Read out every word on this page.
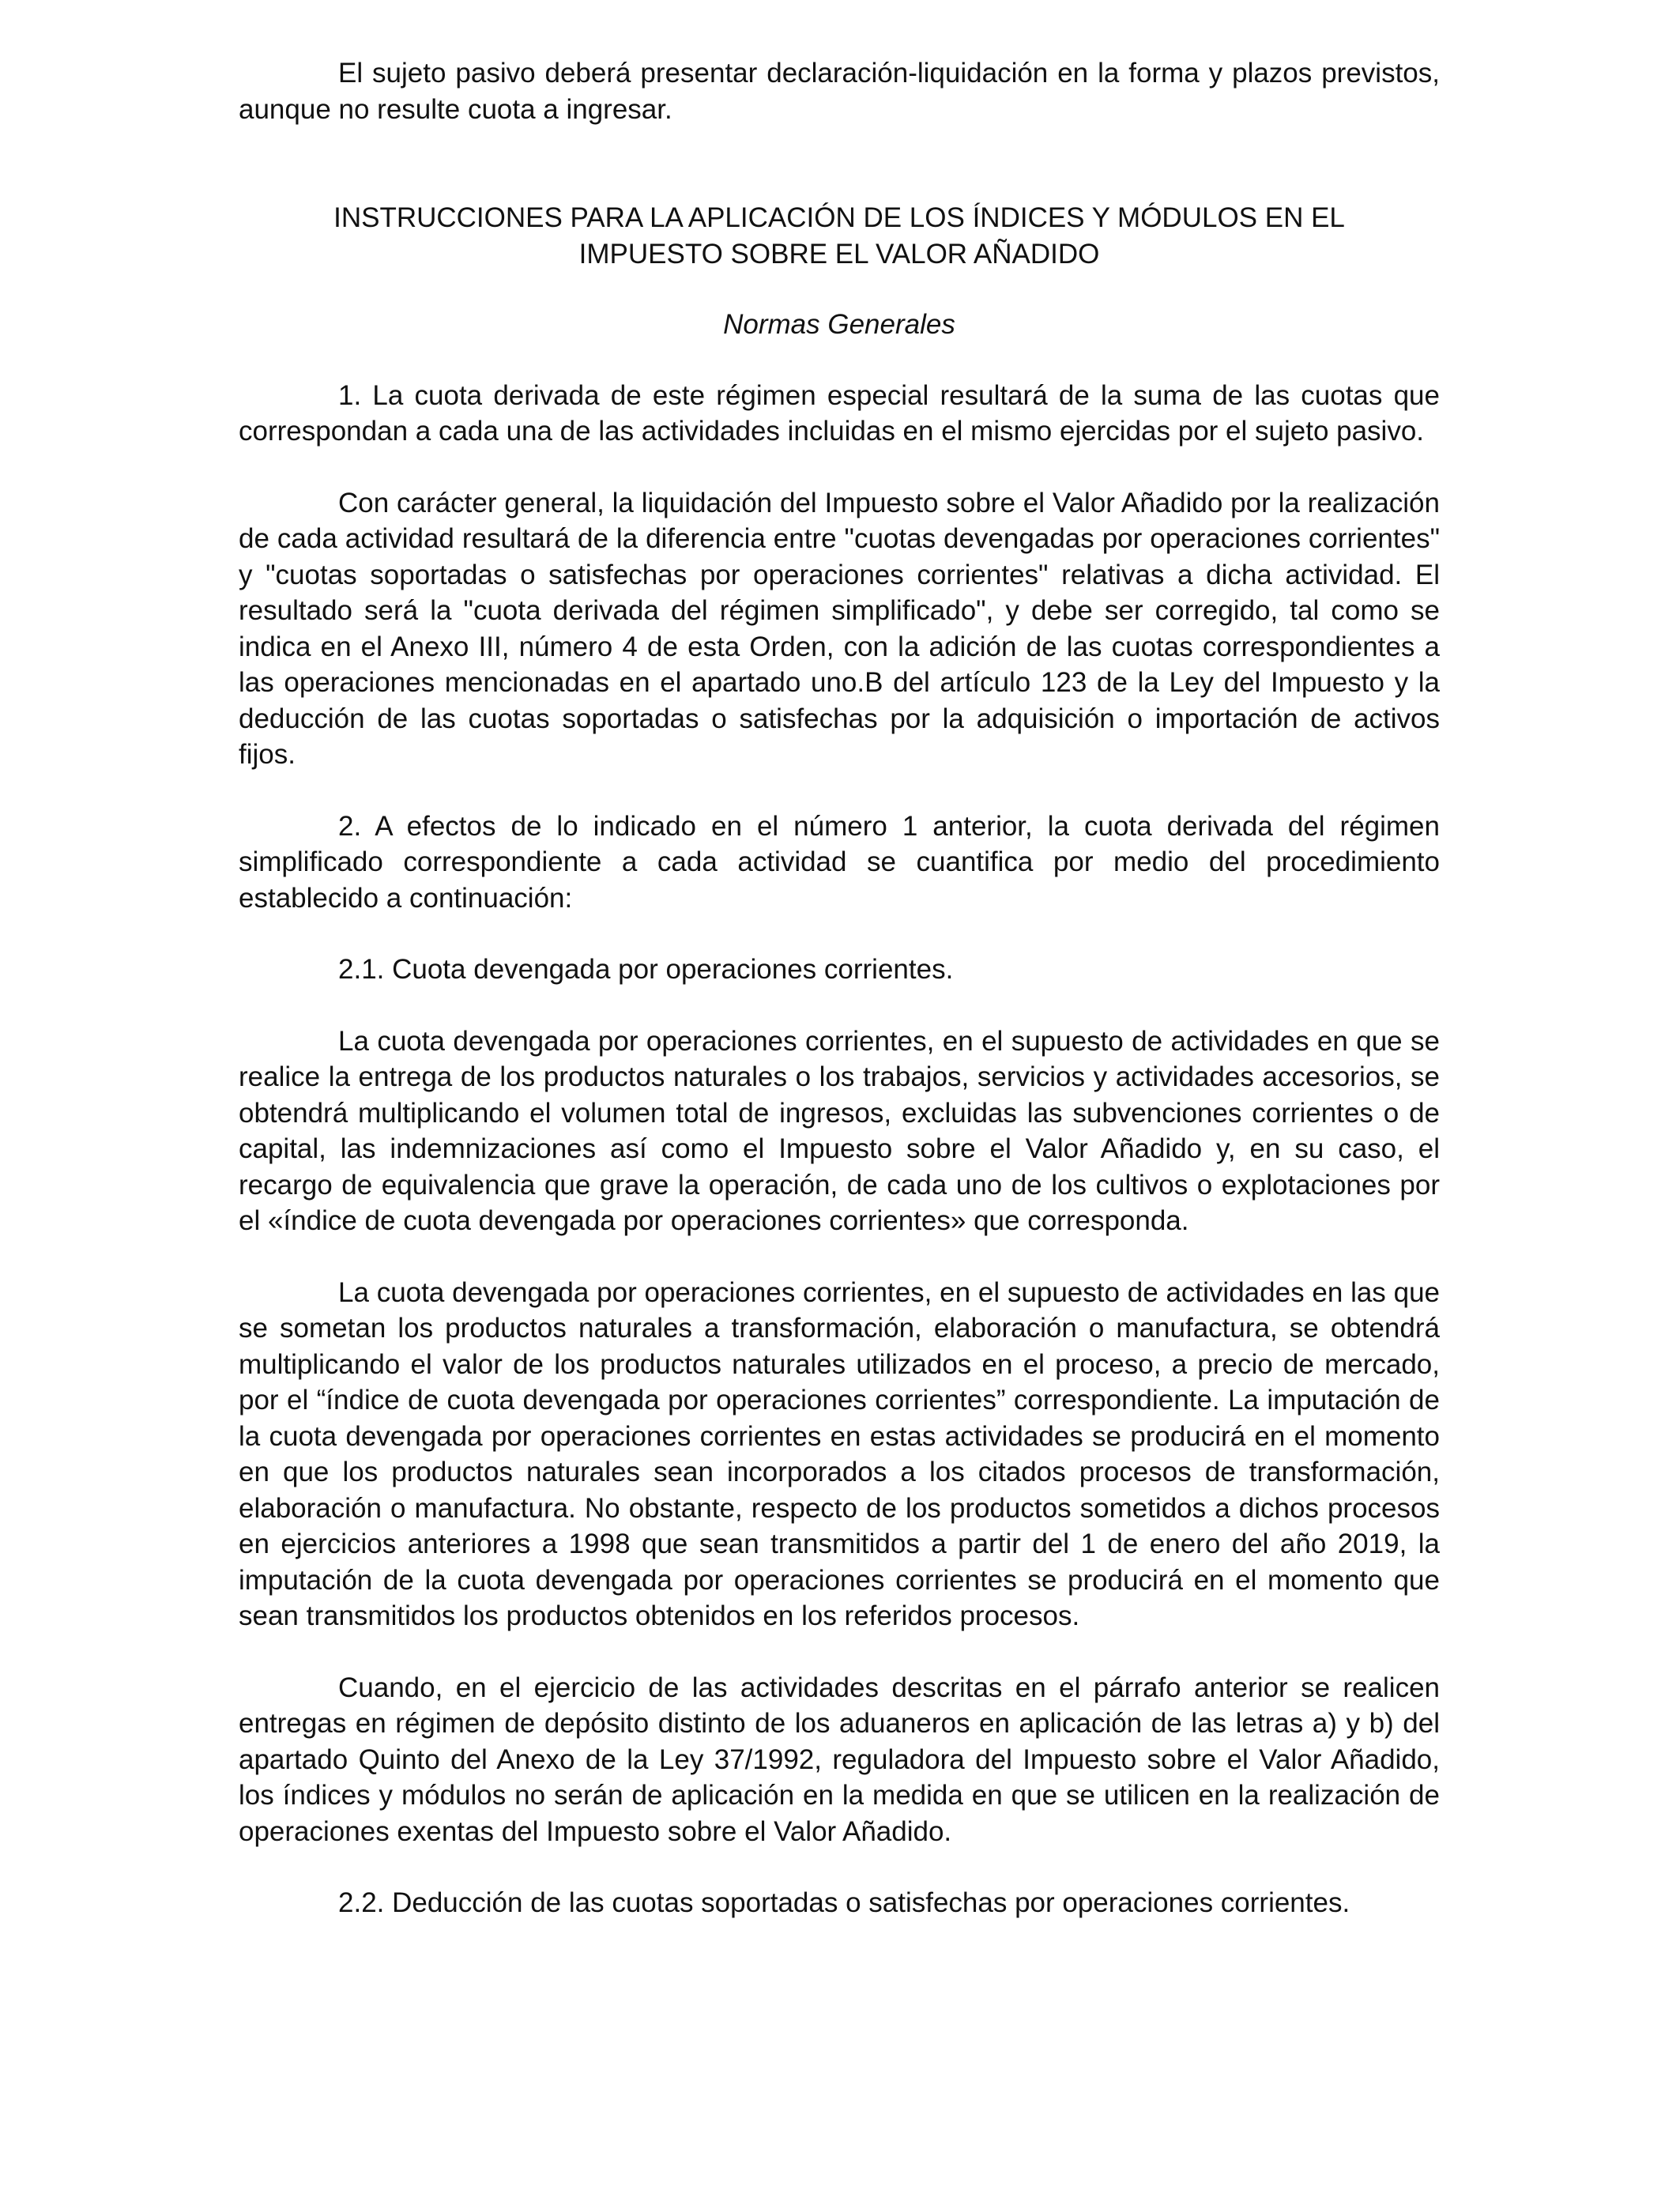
El sujeto pasivo deberá presentar declaración-liquidación en la forma y plazos previstos, aunque no resulte cuota a ingresar.

INSTRUCCIONES PARA LA APLICACIÓN DE LOS ÍNDICES Y MÓDULOS EN EL

IMPUESTO SOBRE EL VALOR AÑADIDO

Normas Generales

1. La cuota derivada de este régimen especial resultará de la suma de las cuotas que correspondan a cada una de las actividades incluidas en el mismo ejercidas por el sujeto pasivo.

Con carácter general, la liquidación del Impuesto sobre el Valor Añadido por la realización de cada actividad resultará de la diferencia entre "cuotas devengadas por operaciones corrientes" y "cuotas soportadas o satisfechas por operaciones corrientes" relativas a dicha actividad. El resultado será la "cuota derivada del régimen simplificado", y debe ser corregido, tal como se indica en el Anexo III, número 4 de esta Orden, con la adición de las cuotas correspondientes a las operaciones mencionadas en el apartado uno.B del artículo 123 de la Ley del Impuesto y la deducción de las cuotas soportadas o satisfechas por la adquisición o importación de activos fijos.

2. A efectos de lo indicado en el número 1 anterior, la cuota derivada del régimen simplificado correspondiente a cada actividad se cuantifica por medio del procedimiento establecido a continuación:

2.1. Cuota devengada por operaciones corrientes.

La cuota devengada por operaciones corrientes, en el supuesto de actividades en que se realice la entrega de los productos naturales o los trabajos, servicios y actividades accesorios, se obtendrá multiplicando el volumen total de ingresos, excluidas las subvenciones corrientes o de capital, las indemnizaciones así como el Impuesto sobre el Valor Añadido y, en su caso, el recargo de equivalencia que grave la operación, de cada uno de los cultivos o explotaciones por el «índice de cuota devengada por operaciones corrientes» que corresponda.

La cuota devengada por operaciones corrientes, en el supuesto de actividades en las que se sometan los productos naturales a transformación, elaboración o manufactura, se obtendrá multiplicando el valor de los productos naturales utilizados en el proceso, a precio de mercado, por el “índice de cuota devengada por operaciones corrientes” correspondiente. La imputación de la cuota devengada por operaciones corrientes en estas actividades se producirá en el momento en que los productos naturales sean incorporados a los citados procesos de transformación, elaboración o manufactura. No obstante, respecto de los productos sometidos a dichos procesos en ejercicios anteriores a 1998 que sean transmitidos a partir del 1 de enero del año 2019, la imputación de la cuota devengada por operaciones corrientes se producirá en el momento que sean transmitidos los productos obtenidos en los referidos procesos.

Cuando, en el ejercicio de las actividades descritas en el párrafo anterior se realicen entregas en régimen de depósito distinto de los aduaneros en aplicación de las letras a) y b) del apartado Quinto del Anexo de la Ley 37/1992, reguladora del Impuesto sobre el Valor Añadido, los índices y módulos no serán de aplicación en la medida en que se utilicen en la realización de operaciones exentas del Impuesto sobre el Valor Añadido.

2.2. Deducción de las cuotas soportadas o satisfechas por operaciones corrientes.
